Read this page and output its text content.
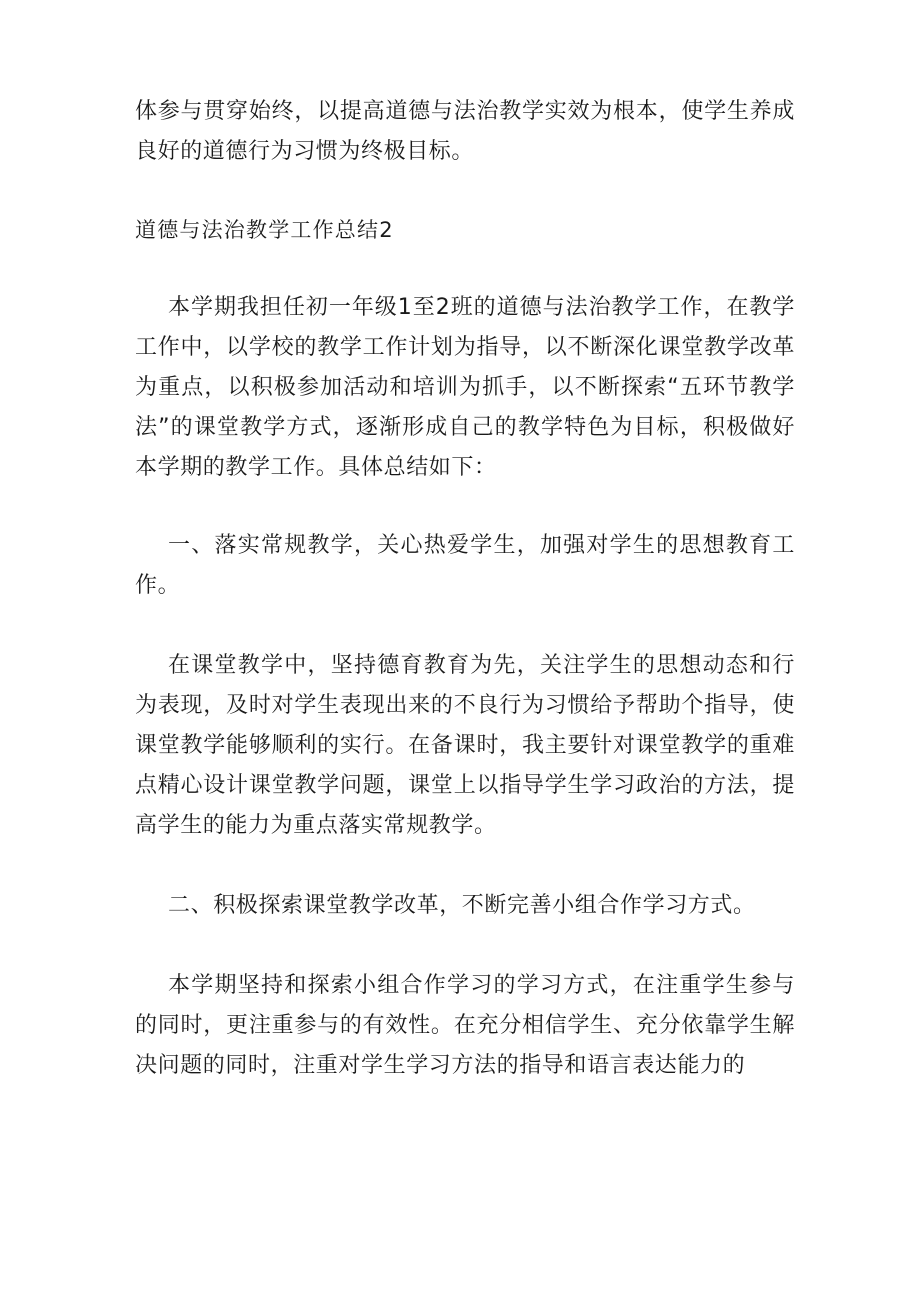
体参与贯穿始终，以提高道德与法治教学实效为根本，使学生养成良好的道德行为习惯为终极目标。

道德与法治教学工作总结2

本学期我担任初一年级1至2班的道德与法治教学工作，在教学工作中，以学校的教学工作计划为指导，以不断深化课堂教学改革为重点，以积极参加活动和培训为抓手，以不断探索“五环节教学法”的课堂教学方式，逐渐形成自己的教学特色为目标，积极做好本学期的教学工作。具体总结如下：

一、落实常规教学，关心热爱学生，加强对学生的思想教育工作。

在课堂教学中，坚持德育教育为先，关注学生的思想动态和行为表现，及时对学生表现出来的不良行为习惯给予帮助个指导，使课堂教学能够顺利的实行。在备课时，我主要针对课堂教学的重难点精心设计课堂教学问题，课堂上以指导学生学习政治的方法，提高学生的能力为重点落实常规教学。

二、积极探索课堂教学改革，不断完善小组合作学习方式。

本学期坚持和探索小组合作学习的学习方式，在注重学生参与的同时，更注重参与的有效性。在充分相信学生、充分依靠学生解决问题的同时，注重对学生学习方法的指导和语言表达能力的
